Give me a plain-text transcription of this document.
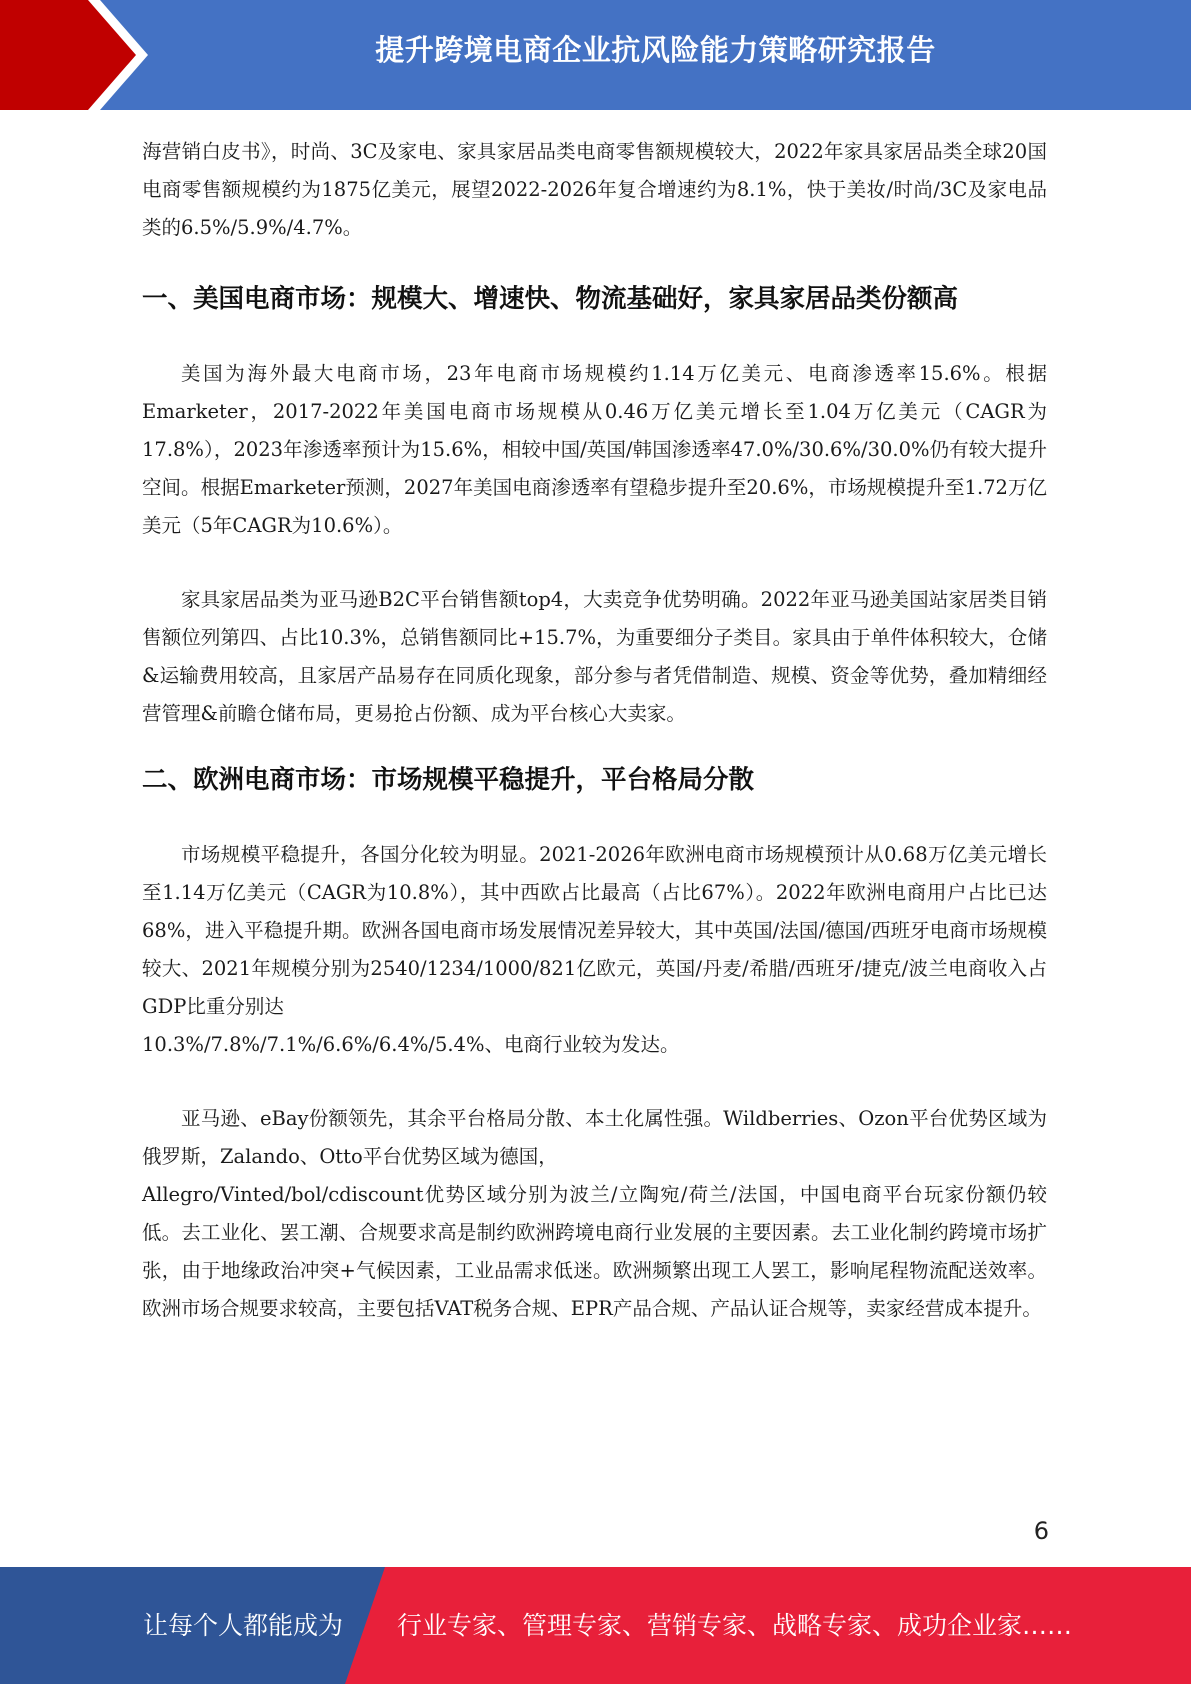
提升跨境电商企业抗风险能力策略研究报告

海营销白皮书》，时尚、3C及家电、家具家居品类电商零售额规模较大，2022年家具家居品类全球20国电商零售额规模约为1875亿美元，展望2022-2026年复合增速约为8.1%，快于美妆/时尚/3C及家电品类的6.5%/5.9%/4.7%。

一、美国电商市场：规模大、增速快、物流基础好，家具家居品类份额高

美国为海外最大电商市场，23年电商市场规模约1.14万亿美元、电商渗透率15.6%。根据Emarketer，2017-2022年美国电商市场规模从0.46万亿美元增长至1.04万亿美元（CAGR为17.8%），2023年渗透率预计为15.6%，相较中国/英国/韩国渗透率47.0%/30.6%/30.0%仍有较大提升空间。根据Emarketer预测，2027年美国电商渗透率有望稳步提升至20.6%，市场规模提升至1.72万亿美元（5年CAGR为10.6%）。

家具家居品类为亚马逊B2C平台销售额top4，大卖竞争优势明确。2022年亚马逊美国站家居类目销售额位列第四、占比10.3%，总销售额同比+15.7%，为重要细分子类目。家具由于单件体积较大，仓储&运输费用较高，且家居产品易存在同质化现象，部分参与者凭借制造、规模、资金等优势，叠加精细经营管理&前瞻仓储布局，更易抢占份额、成为平台核心大卖家。

二、欧洲电商市场：市场规模平稳提升，平台格局分散

市场规模平稳提升，各国分化较为明显。2021-2026年欧洲电商市场规模预计从0.68万亿美元增长至1.14万亿美元（CAGR为10.8%），其中西欧占比最高（占比67%）。2022年欧洲电商用户占比已达68%，进入平稳提升期。欧洲各国电商市场发展情况差异较大，其中英国/法国/德国/西班牙电商市场规模较大、2021年规模分别为2540/1234/1000/821亿欧元，英国/丹麦/希腊/西班牙/捷克/波兰电商收入占GDP比重分别达

10.3%/7.8%/7.1%/6.6%/6.4%/5.4%、电商行业较为发达。

亚马逊、eBay份额领先，其余平台格局分散、本土化属性强。Wildberries、Ozon平台优势区域为俄罗斯，Zalando、Otto平台优势区域为德国，

Allegro/Vinted/bol/cdiscount优势区域分别为波兰/立陶宛/荷兰/法国，中国电商平台玩家份额仍较低。去工业化、罢工潮、合规要求高是制约欧洲跨境电商行业发展的主要因素。去工业化制约跨境市场扩张，由于地缘政治冲突+气候因素，工业品需求低迷。欧洲频繁出现工人罢工，影响尾程物流配送效率。欧洲市场合规要求较高，主要包括VAT税务合规、EPR产品合规、产品认证合规等，卖家经营成本提升。

6
让每个人都能成为 行业专家、管理专家、营销专家、战略专家、成功企业家……
